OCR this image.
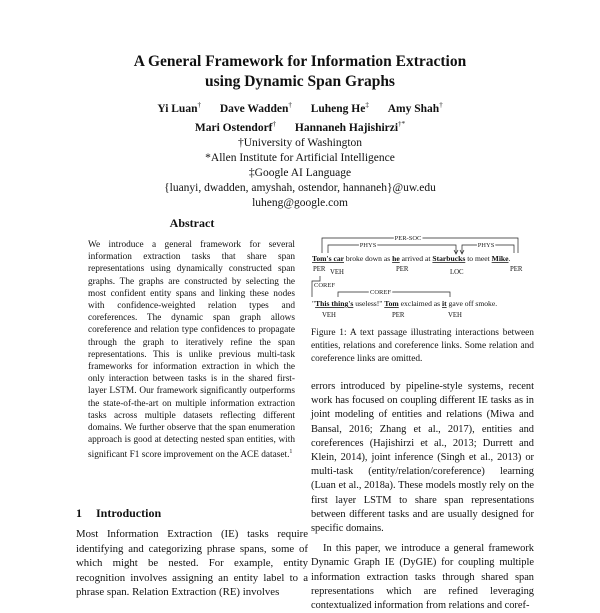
A General Framework for Information Extraction
using Dynamic Span Graphs
Yi Luan† Dave Wadden† Luheng He‡ Amy Shah†
Mari Ostendorf† Hannaneh Hajishirzi†*
†University of Washington
*Allen Institute for Artificial Intelligence
‡Google AI Language
{luanyi, dwadden, amyshah, ostendor, hannaneh}@uw.edu
luheng@google.com
Abstract
We introduce a general framework for several information extraction tasks that share span representations using dynamically constructed span graphs. The graphs are constructed by selecting the most confident entity spans and linking these nodes with confidence-weighted relation types and coreferences. The dynamic span graph allows coreference and relation type confidences to propagate through the graph to iteratively refine the span representations. This is unlike previous multi-task frameworks for information extraction in which the only interaction between tasks is in the shared first-layer LSTM. Our framework significantly outperforms the state-of-the-art on multiple information extraction tasks across multiple datasets reflecting different domains. We further observe that the span enumeration approach is good at detecting nested span entities, with significant F1 score improvement on the ACE dataset.$^1$
1 Introduction
Most Information Extraction (IE) tasks require identifying and categorizing phrase spans, some of which might be nested. For example, entity recognition involves assigning an entity label to a phrase span. Relation Extraction (RE) involves
PER-SOC
PHYS	PHYS
Tom's car broke down as he arrived at Starbucks to meet Mike.
PER VEH	PER	LOC	PER
COREF
COREF
"This thing's useless!" Tom exclaimed as it gave off smoke.
VEH	PER	VEH
Figure 1: A text passage illustrating interactions between entities, relations and coreference links. Some relation and coreference links are omitted.

errors introduced by pipeline-style systems, recent work has focused on coupling different IE tasks as in joint modeling of entities and relations (Miwa and Bansal, 2016; Zhang et al., 2017), entities and coreferences (Hajishirzi et al., 2013; Durrett and Klein, 2014), joint inference (Singh et al., 2013) or multi-task (entity/relation/coreference) learning (Luan et al., 2018a). These models mostly rely on the first layer LSTM to share span representations between different tasks and are usually designed for specific domains.

In this paper, we introduce a general framework Dynamic Graph IE (DyGIE) for coupling multiple information extraction tasks through shared span representations which are refined leveraging contextualized information from relations and coref-
